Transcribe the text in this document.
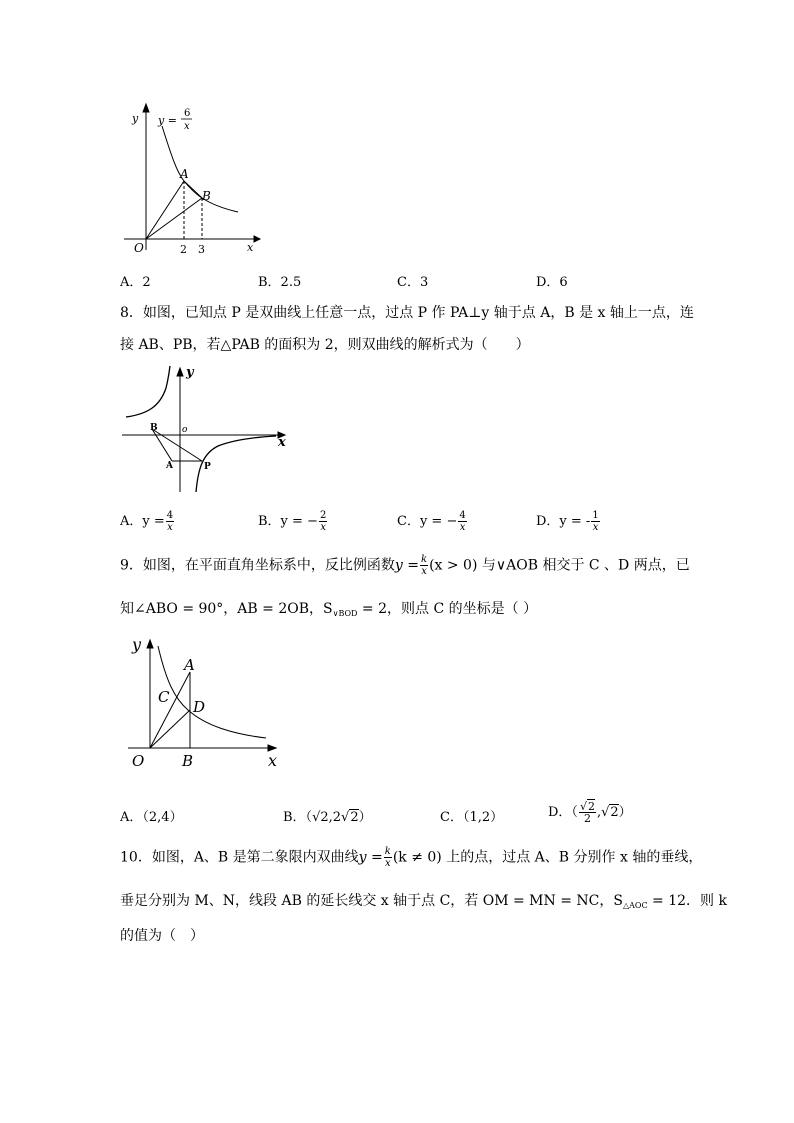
y y =
6
x
A
B
O	2 3	x
A．2	B．2.5	C．3	D．6
8．如图，已知点 P 是双曲线上任意一点，过点 P 作 PA⊥y 轴于点 A，B 是 x 轴上一点，连
接 AB、PB，若△PAB 的面积为 2，则双曲线的解析式为（　　）
y
o
x
B
A	P
A．$y = \frac{4}{x}$	B．y = − $\frac{2}{x}$	C．y = − $\frac{4}{x}$	D．y = - $\frac{1}{x}$
9．如图，在平面直角坐标系中，反比例函数$y = \frac{k}{x} (x > 0)$ 与∨AOB 相交于 C 、D 两点，已
知∠ABO = 90°，AB = 2OB，$S_{\vee BOD} = 2$，则点 C 的坐标是（ ）
y
A
C
D
O	B	x
A．（2,4）	B．（√2,2√2）	C．（1,2）	D．（ $\frac{√2}{2} ,√2$）
10．如图，A、B 是第二象限内双曲线$y = \frac{k}{x} (k \ne 0)$ 上的点，过点 A、B 分别作 x 轴的垂线，
垂足分别为 M、N，线段 AB 的延长线交 x 轴于点 C，若 OM = MN = NC，$S_{\triangle AOC} = 12$．则 k
的值为（　）
